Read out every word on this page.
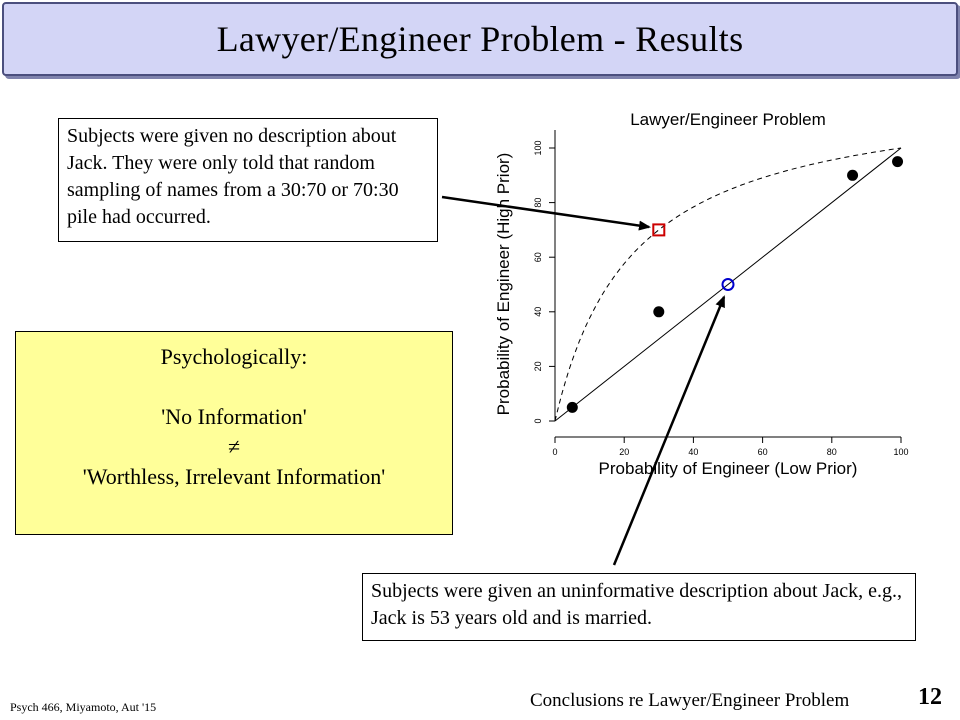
Lawyer/Engineer Problem - Results
Lawyer/Engineer Problem
Probability of Engineer (Low Prior)
Probability of Engineer (High Prior)
0	20	40	60	80	100
0
20
40
60
80
100
Subjects were given no description about Jack. They were only told that random sampling of names from a 30:70 or 70:30 pile had occurred.
Subjects were given an uninformative description about Jack, e.g., Jack is 53 years old and is married.
Psychologically:
'No Information'
≠
'Worthless, Irrelevant Information'
Psych 466, Miyamoto, Aut '15	Conclusions re Lawyer/Engineer Problem	12
